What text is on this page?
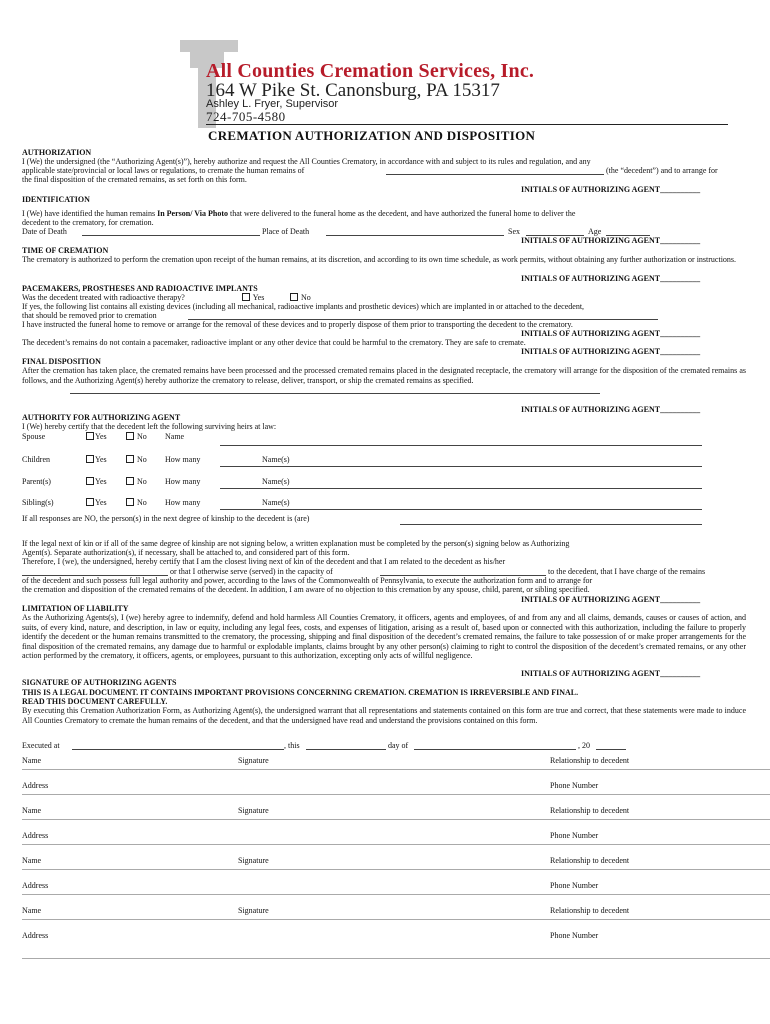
All Counties Cremation Services, Inc.
164 W Pike St. Canonsburg, PA 15317
Ashley L. Fryer, Supervisor
724-705-4580
CREMATION AUTHORIZATION AND DISPOSITION
AUTHORIZATION
I (We) the undersigned (the “Authorizing Agent(s)”), hereby authorize and request the All Counties Crematory, in accordance with and subject to its rules and regulation, and any
applicable state/provincial or local laws or regulations, to cremate the human remains of	(the “decedent”) and to arrange for
the final disposition of the cremated remains, as set forth on this form.
INITIALS OF AUTHORIZING AGENT__________
IDENTIFICATION
I (We) have identified the human remains In Person/ Via Photo that were delivered to the funeral home as the decedent, and have authorized the funeral home to deliver the
decedent to the crematory, for cremation.
Date of Death	Place of Death	Sex	Age
INITIALS OF AUTHORIZING AGENT__________
TIME OF CREMATION
The crematory is authorized to perform the cremation upon receipt of the human remains, at its discretion, and according to its own time schedule, as work permits, without obtaining any further authorization or instructions.
INITIALS OF AUTHORIZING AGENT__________
PACEMAKERS, PROSTHESES AND RADIOACTIVE IMPLANTS
Was the decedent treated with radioactive therapy?	Yes	No
If yes, the following list contains all existing devices (including all mechanical, radioactive implants and prosthetic devices) which are implanted in or attached to the decedent,
that should be removed prior to cremation
I have instructed the funeral home to remove or arrange for the removal of these devices and to properly dispose of them prior to transporting the decedent to the crematory.
INITIALS OF AUTHORIZING AGENT__________
The decedent’s remains do not contain a pacemaker, radioactive implant or any other device that could be harmful to the crematory. They are safe to cremate.
INITIALS OF AUTHORIZING AGENT__________
FINAL DISPOSITION
After the cremation has taken place, the cremated remains have been processed and the processed cremated remains placed in the designated receptacle, the crematory will arrange for the disposition of the cremated remains as follows, and the Authorizing Agent(s) hereby authorize the crematory to release, deliver, transport, or ship the cremated remains as specified.
INITIALS OF AUTHORIZING AGENT__________
AUTHORITY FOR AUTHORIZING AGENT
I (We) hereby certify that the decedent left the following surviving heirs at law:
Spouse	Yes	No Name
Children	Yes	No How many	Name(s)
Parent(s)	Yes	No How many	Name(s)
Sibling(s)	Yes	No How many	Name(s)
If all responses are NO, the person(s) in the next degree of kinship to the decedent is (are)
If the legal next of kin or if all of the same degree of kinship are not signing below, a written explanation must be completed by the person(s) signing below as Authorizing
Agent(s). Separate authorization(s), if necessary, shall be attached to, and considered part of this form.
Therefore, I (we), the undersigned, hereby certify that I am the closest living next of kin of the decedent and that I am related to the decedent as his/her
or that I otherwise serve (served) in the capacity of	to the decedent, that I have charge of the remains
of the decedent and such possess full legal authority and power, according to the laws of the Commonwealth of Pennsylvania, to execute the authorization form and to arrange for
the cremation and disposition of the cremated remains of the decedent. In addition, I am aware of no objection to this cremation by any spouse, child, parent, or sibling specified.
INITIALS OF AUTHORIZING AGENT__________
LIMITATION OF LIABILITY
As the Authorizing Agents(s), I (we) hereby agree to indemnify, defend and hold harmless All Counties Crematory, it officers, agents and employees, of and from any and all claims, demands, causes or causes of action, and suits, of every kind, nature, and description, in law or equity, including any legal fees, costs, and expenses of litigation, arising as a result of, based upon or connected with this authorization, including the failure to properly identify the decedent or the human remains transmitted to the crematory, the processing, shipping and final disposition of the decedent’s cremated remains, the failure to take possession of or make proper arrangements for the final disposition of the cremated remains, any damage due to harmful or explodable implants, claims brought by any other person(s) claiming to right to control the disposition of the decedent’s cremated remains, or any other action performed by the crematory, it officers, agents, or employees, pursuant to this authorization, excepting only acts of willful negligence.
INITIALS OF AUTHORIZING AGENT__________
SIGNATURE OF AUTHORIZING AGENTS
THIS IS A LEGAL DOCUMENT. IT CONTAINS IMPORTANT PROVISIONS CONCERNING CREMATION. CREMATION IS IRREVERSIBLE AND FINAL.
READ THIS DOCUMENT CAREFULLY.
By executing this Cremation Authorization Form, as Authorizing Agent(s), the undersigned warrant that all representations and statements contained on this form are true and correct, that these statements were made to induce All Counties Crematory to cremate the human remains of the decedent, and that the undersigned have read and understand the provisions contained on this form.
Executed at	, this	day of	, 20
Name	Signature	Relationship to decedent
Address	Phone Number
Name	Signature	Relationship to decedent
Address	Phone Number
Name	Signature	Relationship to decedent
Address	Phone Number
Name	Signature	Relationship to decedent
Address	Phone Number
